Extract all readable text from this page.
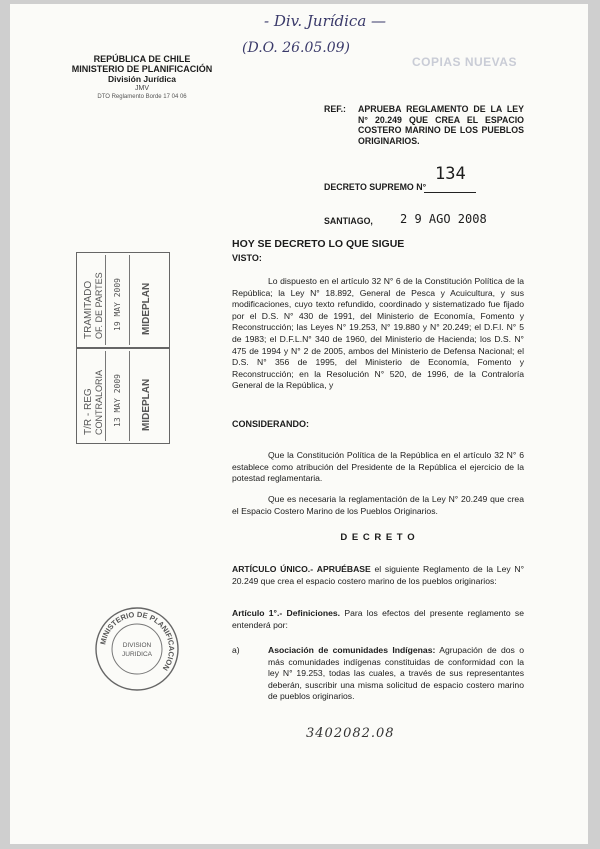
- Div. Jurídica —
(D.O. 26.05.09)
COPIAS NUEVAS
REPÚBLICA DE CHILE
MINISTERIO DE PLANIFICACIÓN
División Jurídica
JMV
DTO Reglamento Borde 17 04 06
REF.: APRUEBA REGLAMENTO DE LA LEY N° 20.249 QUE CREA EL ESPACIO COSTERO MARINO DE LOS PUEBLOS ORIGINARIOS.
DECRETO SUPREMO N°
134
SANTIAGO, 2 9 AGO 2008
HOY SE DECRETO LO QUE SIGUE
VISTO:
Lo dispuesto en el artículo 32 N° 6 de la Constitución Política de la República; la Ley N° 18.892, General de Pesca y Acuicultura, y sus modificaciones, cuyo texto refundido, coordinado y sistematizado fue fijado por el D.S. N° 430 de 1991, del Ministerio de Economía, Fomento y Reconstrucción; las Leyes N° 19.253, N° 19.880 y N° 20.249; el D.F.l. N° 5 de 1983; el D.F.L.N° 340 de 1960, del Ministerio de Hacienda; los D.S. N° 475 de 1994 y N° 2 de 2005, ambos del Ministerio de Defensa Nacional; el D.S. N° 356 de 1995, del Ministerio de Economía, Fomento y Reconstrucción; en la Resolución N° 520, de 1996, de la Contraloría General de la República, y
CONSIDERANDO:
Que la Constitución Política de la República en el artículo 32 N° 6 establece como atribución del Presidente de la República el ejercicio de la potestad reglamentaria.
Que es necesaria la reglamentación de la Ley N° 20.249 que crea el Espacio Costero Marino de los Pueblos Originarios.
D E C R E T O
ARTÍCULO ÚNICO.- APRUÉBASE el siguiente Reglamento de la Ley N° 20.249 que crea el espacio costero marino de los pueblos originarios:
Artículo 1°.- Definiciones. Para los efectos del presente reglamento se entenderá por:
a)	Asociación de comunidades Indígenas: Agrupación de dos o más comunidades indígenas constituidas de conformidad con la ley N° 19.253, todas las cuales, a través de sus representantes deberán, suscribir una misma solicitud de espacio costero marino de pueblos originarios.
3402082.08
TRAMITADO OF. DE PARTES 19 MAY 2009 MIDEPLAN
T/R - REG CONTRALORIA 13 MAY 2009 MIDEPLAN
MINISTERIO DE PLANIFICACION
DIVISION
JURIDICA
